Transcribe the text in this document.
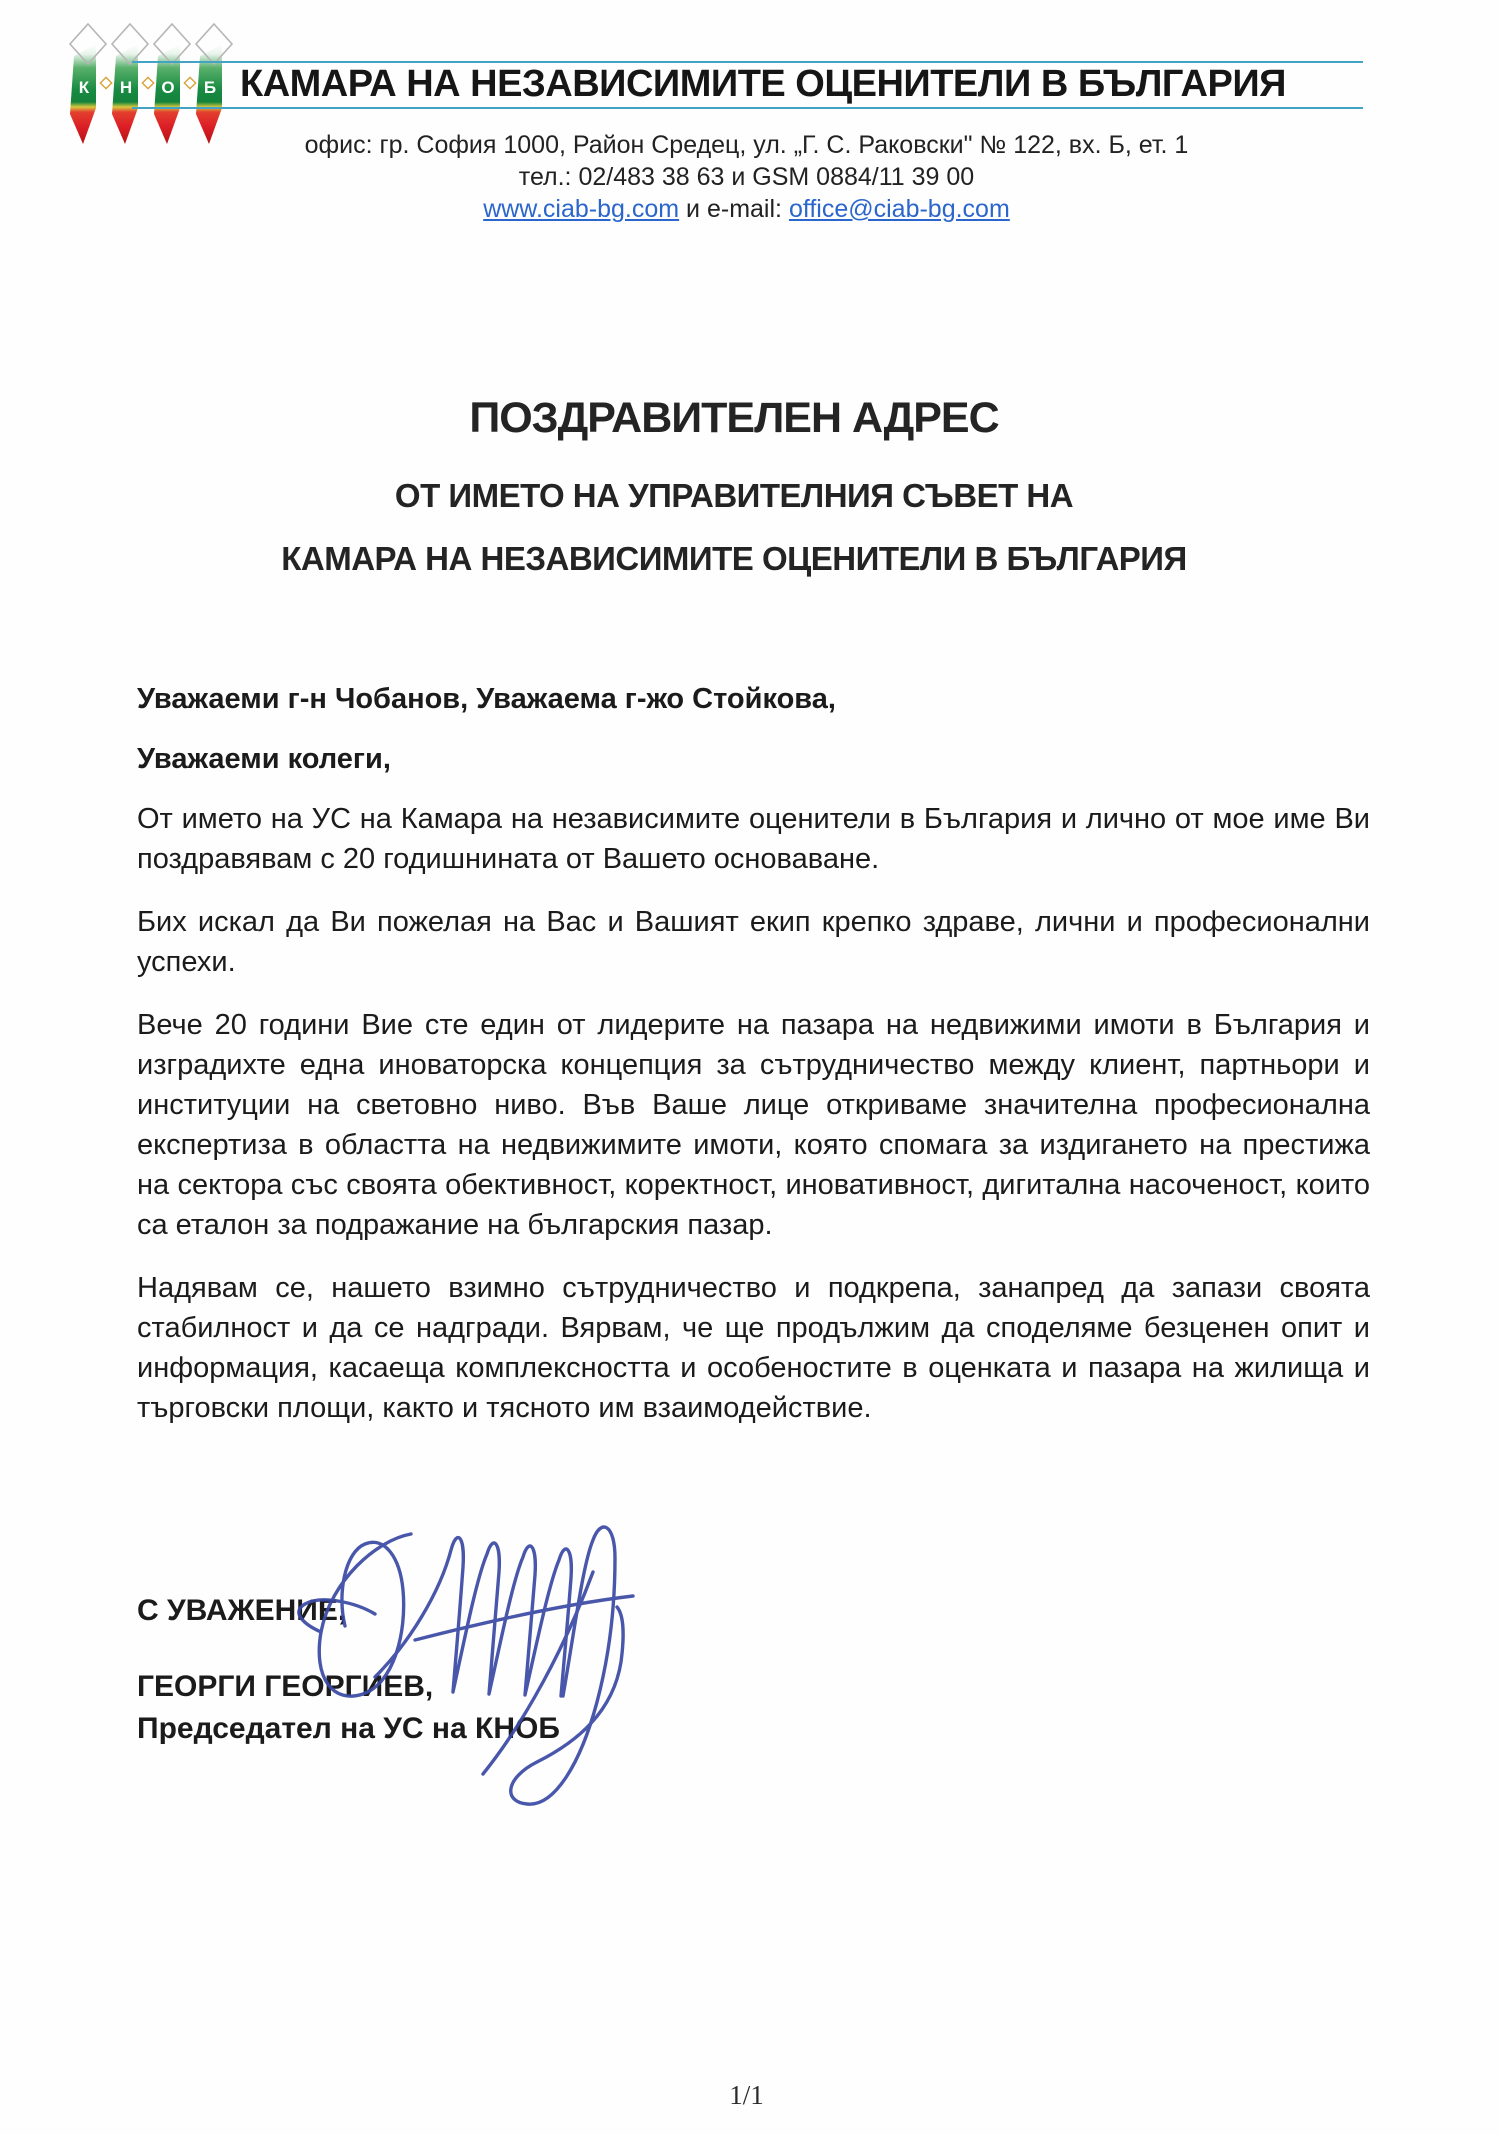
К Н О Б КАМАРА НА НЕЗАВИСИМИТЕ ОЦЕНИТЕЛИ В БЪЛГАРИЯ
офис: гр. София 1000, Район Средец, ул. „Г. С. Раковски" № 122, вх. Б, ет. 1
тел.: 02/483 38 63 и GSM 0884/11 39 00
www.ciab-bg.com и e-mail: office@ciab-bg.com
ПОЗДРАВИТЕЛЕН АДРЕС
ОТ ИМЕТО НА УПРАВИТЕЛНИЯ СЪВЕТ НА
КАМАРА НА НЕЗАВИСИМИТЕ ОЦЕНИТЕЛИ В БЪЛГАРИЯ

Уважаеми г-н Чобанов, Уважаема г-жо Стойкова,

Уважаеми колеги,

От името на УС на Камара на независимите оценители в България и лично от мое име Ви поздравявам с 20 годишнината от Вашето основаване.

Бих искал да Ви пожелая на Вас и Вашият екип крепко здраве, лични и професионални успехи.

Вече 20 години Вие сте един от лидерите на пазара на недвижими имоти в България и изградихте една иноваторска концепция за сътрудничество между клиент, партньори и институции на световно ниво. Във Ваше лице откриваме значителна професионална експертиза в областта на недвижимите имоти, която спомага за издигането на престижа на сектора със своята обективност, коректност, иновативност, дигитална насоченост, които са еталон за подражание на българския пазар.

Надявам се, нашето взимно сътрудничество и подкрепа, занапред да запази своята стабилност и да се надгради. Вярвам, че ще продължим да споделяме безценен опит и информация, касаеща комплексността и особеностите в оценката и пазара на жилища и търговски площи, както и тясното им взаимодействие.

С УВАЖЕНИЕ,
ГЕОРГИ ГЕОРГИЕВ,
Председател на УС на КНОБ
1/1
